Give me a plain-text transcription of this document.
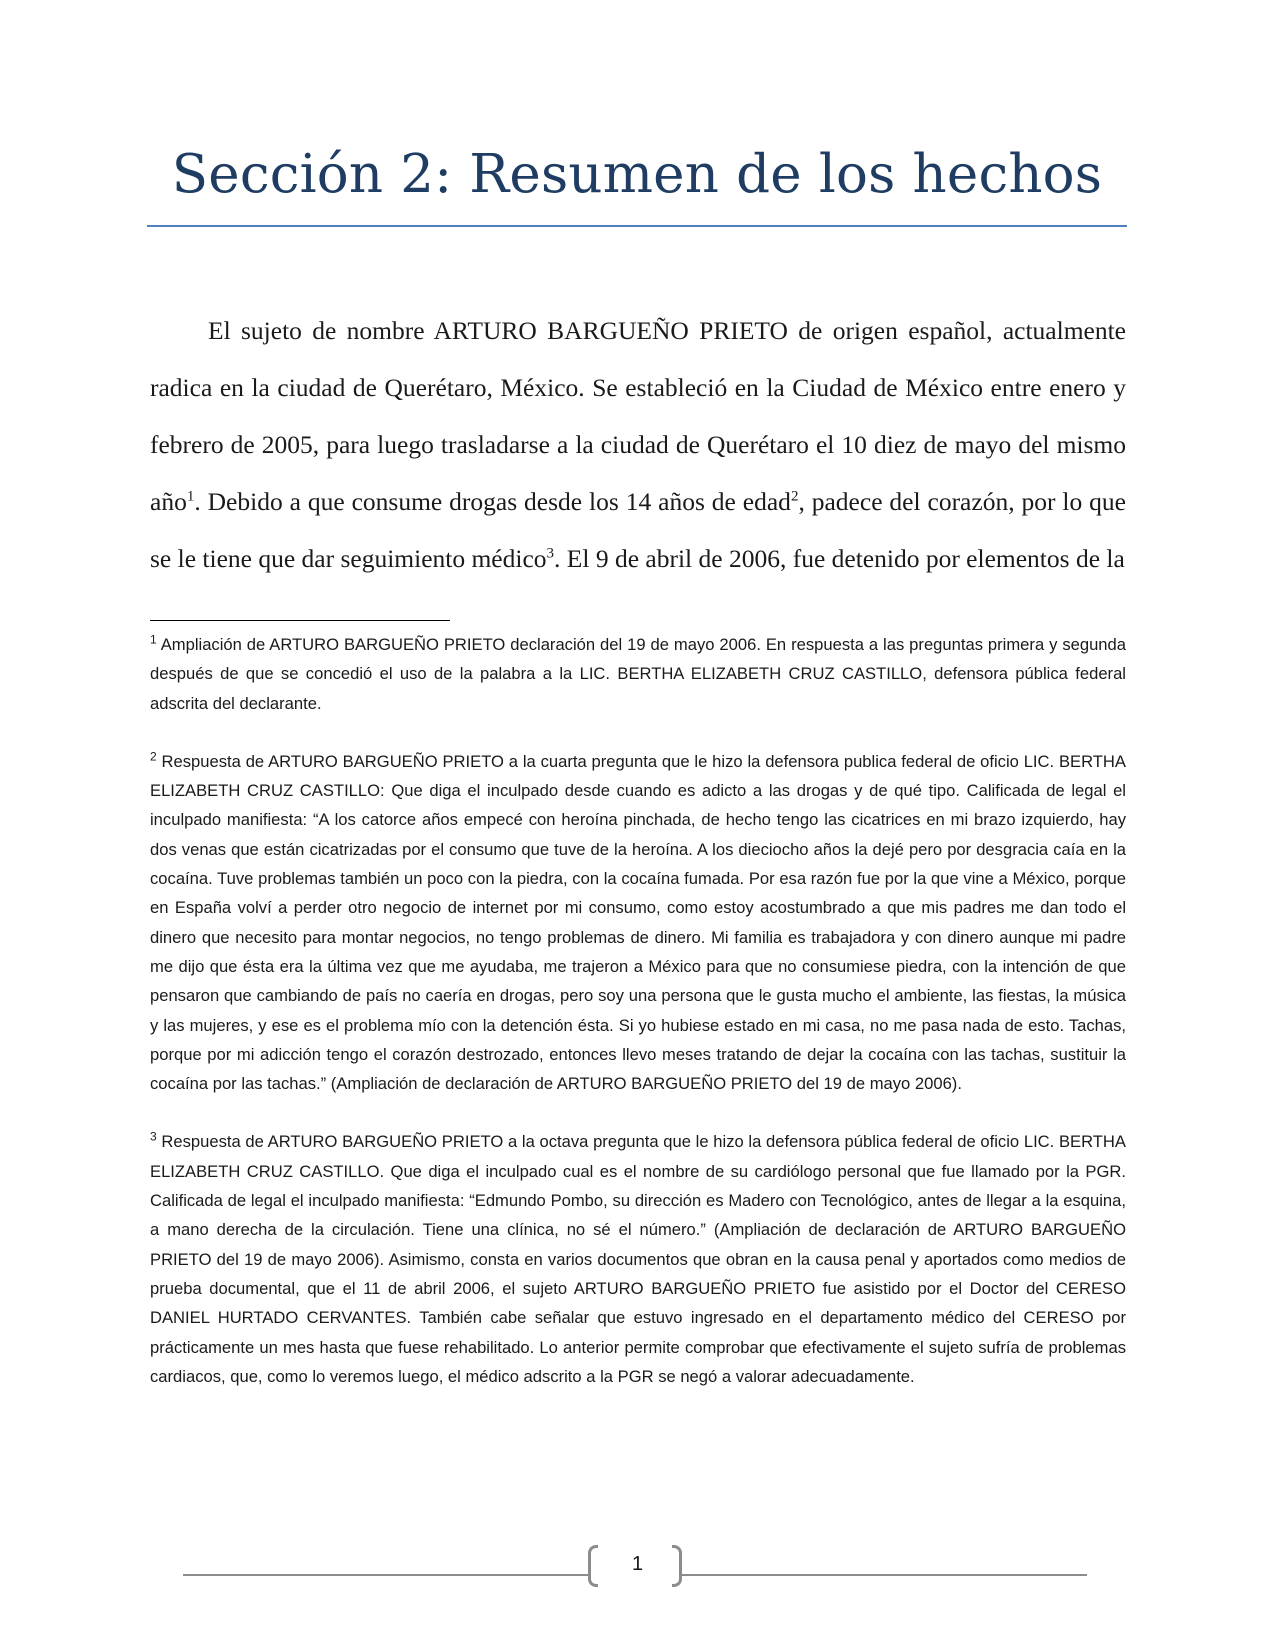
Sección 2: Resumen de los hechos

El sujeto de nombre ARTURO BARGUEÑO PRIETO de origen español, actualmente radica en la ciudad de Querétaro, México. Se estableció en la Ciudad de México entre enero y febrero de 2005, para luego trasladarse a la ciudad de Querétaro el 10 diez de mayo del mismo año$^1$. Debido a que consume drogas desde los 14 años de edad$^2$, padece del corazón, por lo que se le tiene que dar seguimiento médico$^3$. El 9 de abril de 2006, fue detenido por elementos de la

$^1$ Ampliación de ARTURO BARGUEÑO PRIETO declaración del 19 de mayo 2006. En respuesta a las preguntas primera y segunda después de que se concedió el uso de la palabra a la LIC. BERTHA ELIZABETH CRUZ CASTILLO, defensora pública federal adscrita del declarante.

$^2$ Respuesta de ARTURO BARGUEÑO PRIETO a la cuarta pregunta que le hizo la defensora publica federal de oficio LIC. BERTHA ELIZABETH CRUZ CASTILLO: Que diga el inculpado desde cuando es adicto a las drogas y de qué tipo. Calificada de legal el inculpado manifiesta: “A los catorce años empecé con heroína pinchada, de hecho tengo las cicatrices en mi brazo izquierdo, hay dos venas que están cicatrizadas por el consumo que tuve de la heroína. A los dieciocho años la dejé pero por desgracia caía en la cocaína. Tuve problemas también un poco con la piedra, con la cocaína fumada. Por esa razón fue por la que vine a México, porque en España volví a perder otro negocio de internet por mi consumo, como estoy acostumbrado a que mis padres me dan todo el dinero que necesito para montar negocios, no tengo problemas de dinero. Mi familia es trabajadora y con dinero aunque mi padre me dijo que ésta era la última vez que me ayudaba, me trajeron a México para que no consumiese piedra, con la intención de que pensaron que cambiando de país no caería en drogas, pero soy una persona que le gusta mucho el ambiente, las fiestas, la música y las mujeres, y ese es el problema mío con la detención ésta. Si yo hubiese estado en mi casa, no me pasa nada de esto. Tachas, porque por mi adicción tengo el corazón destrozado, entonces llevo meses tratando de dejar la cocaína con las tachas, sustituir la cocaína por las tachas.” (Ampliación de declaración de ARTURO BARGUEÑO PRIETO del 19 de mayo 2006).

$^3$ Respuesta de ARTURO BARGUEÑO PRIETO a la octava pregunta que le hizo la defensora pública federal de oficio LIC. BERTHA ELIZABETH CRUZ CASTILLO. Que diga el inculpado cual es el nombre de su cardiólogo personal que fue llamado por la PGR. Calificada de legal el inculpado manifiesta: “Edmundo Pombo, su dirección es Madero con Tecnológico, antes de llegar a la esquina, a mano derecha de la circulación. Tiene una clínica, no sé el número.” (Ampliación de declaración de ARTURO BARGUEÑO PRIETO del 19 de mayo 2006). Asimismo, consta en varios documentos que obran en la causa penal y aportados como medios de prueba documental, que el 11 de abril 2006, el sujeto ARTURO BARGUEÑO PRIETO fue asistido por el Doctor del CERESO DANIEL HURTADO CERVANTES. También cabe señalar que estuvo ingresado en el departamento médico del CERESO por prácticamente un mes hasta que fuese rehabilitado. Lo anterior permite comprobar que efectivamente el sujeto sufría de problemas cardiacos, que, como lo veremos luego, el médico adscrito a la PGR se negó a valorar adecuadamente.

1
